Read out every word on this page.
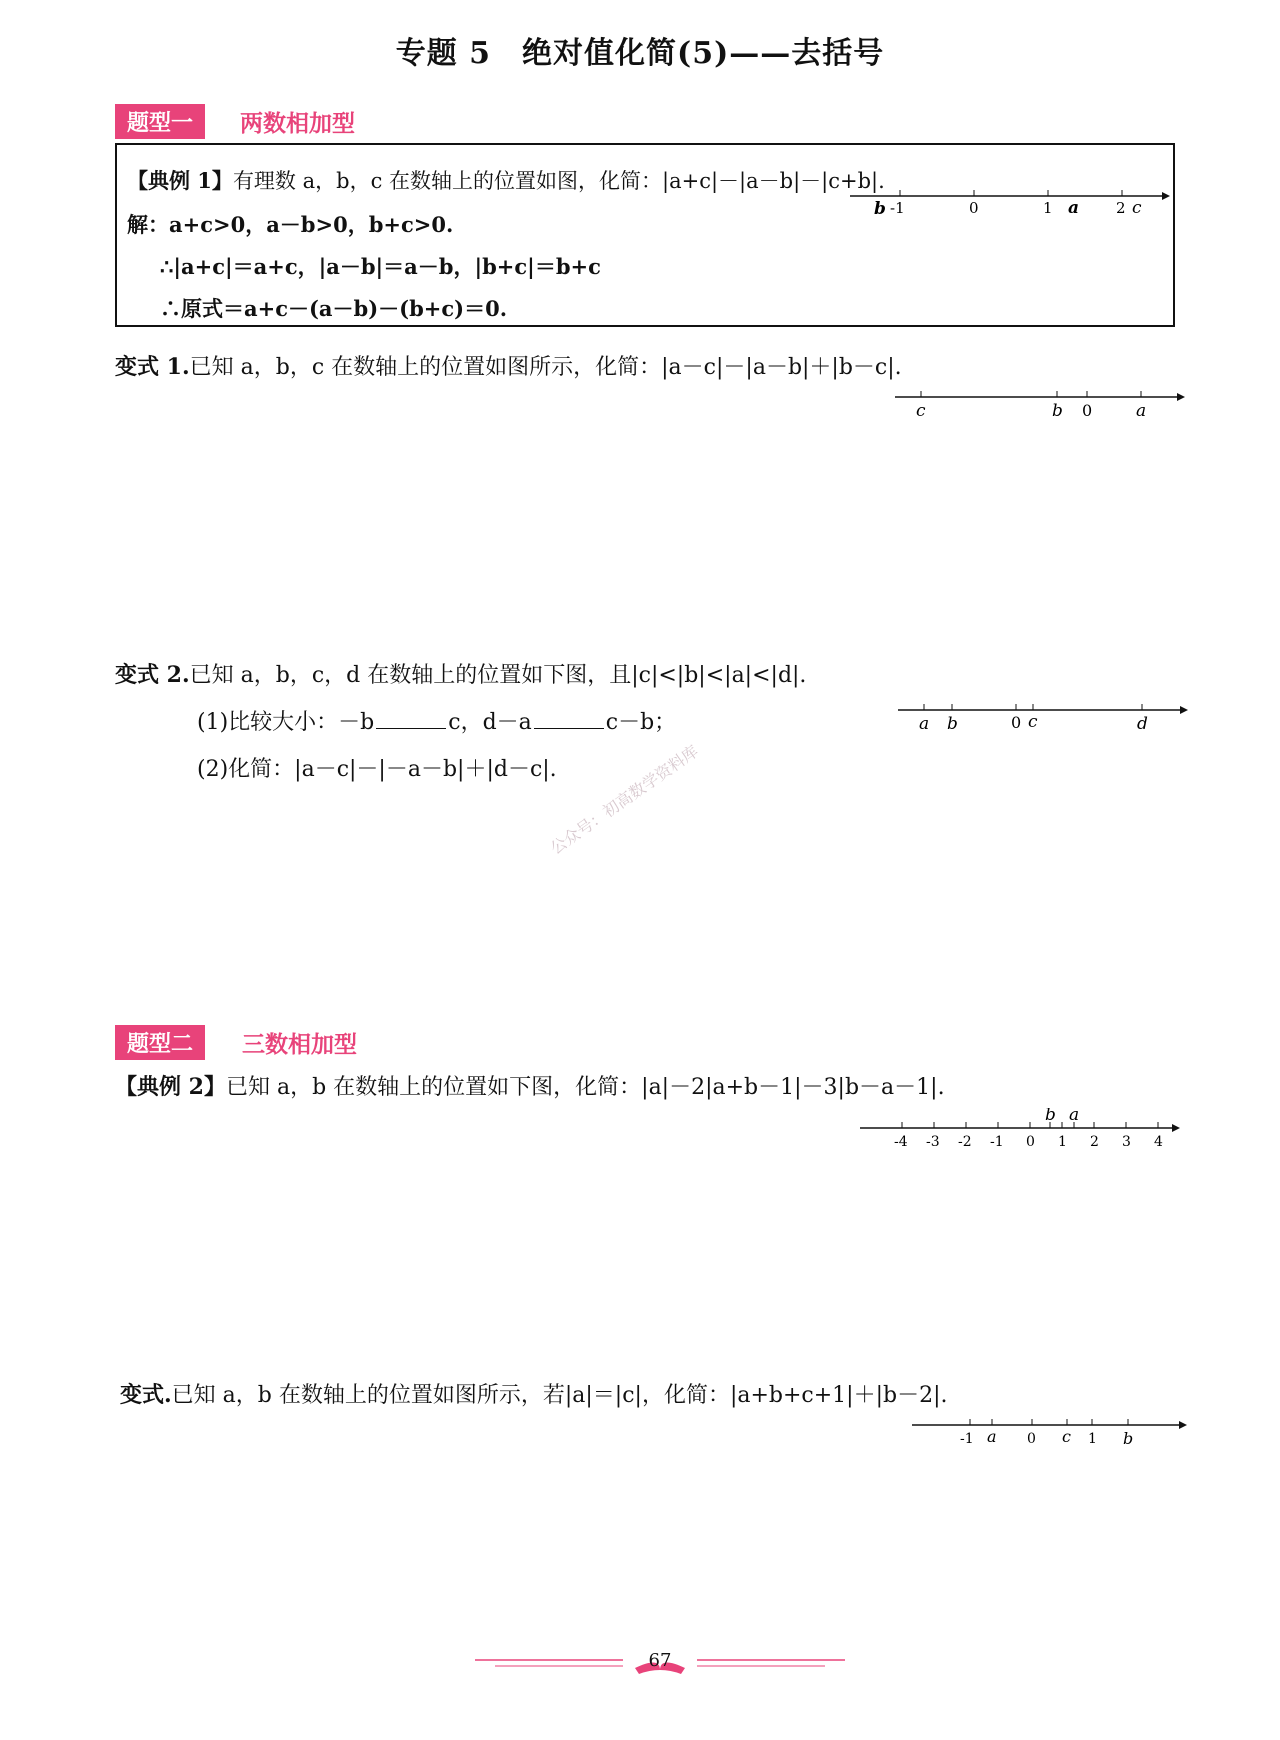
专题 5　绝对值化简(5)——去括号
题型一	两数相加型
【典例 1】有理数 a，b，c 在数轴上的位置如图，化简：|a+c|－|a－b|－|c+b|.
解：a+c>0，a－b>0，b+c>0.
∴|a+c|＝a+c，|a－b|＝a－b，|b+c|＝b+c
∴原式＝a+c－(a－b)－(b+c)＝0.
b -1	0	1 a 2 c
变式 1.已知 a，b，c 在数轴上的位置如图所示，化简：|a－c|－|a－b|＋|b－c|.
c	b 0	a
变式 2.已知 a，b，c，d 在数轴上的位置如下图，且|c|<|b|<|a|<|d|.
(1)比较大小：－b	c，d－a	c－b；
(2)化简：|a－c|－|－a－b|＋|d－c|.
a b	0 c	d
公众号：初高数学资料库
题型二	三数相加型
【典例 2】已知 a，b 在数轴上的位置如下图，化简：|a|－2|a+b－1|－3|b－a－1|.
-4 -3 -2 -1 0 1 2 3 4
b a
变式.已知 a，b 在数轴上的位置如图所示，若|a|＝|c|，化简：|a+b+c+1|＋|b－2|.
-1 a 0 c 1 b
67
